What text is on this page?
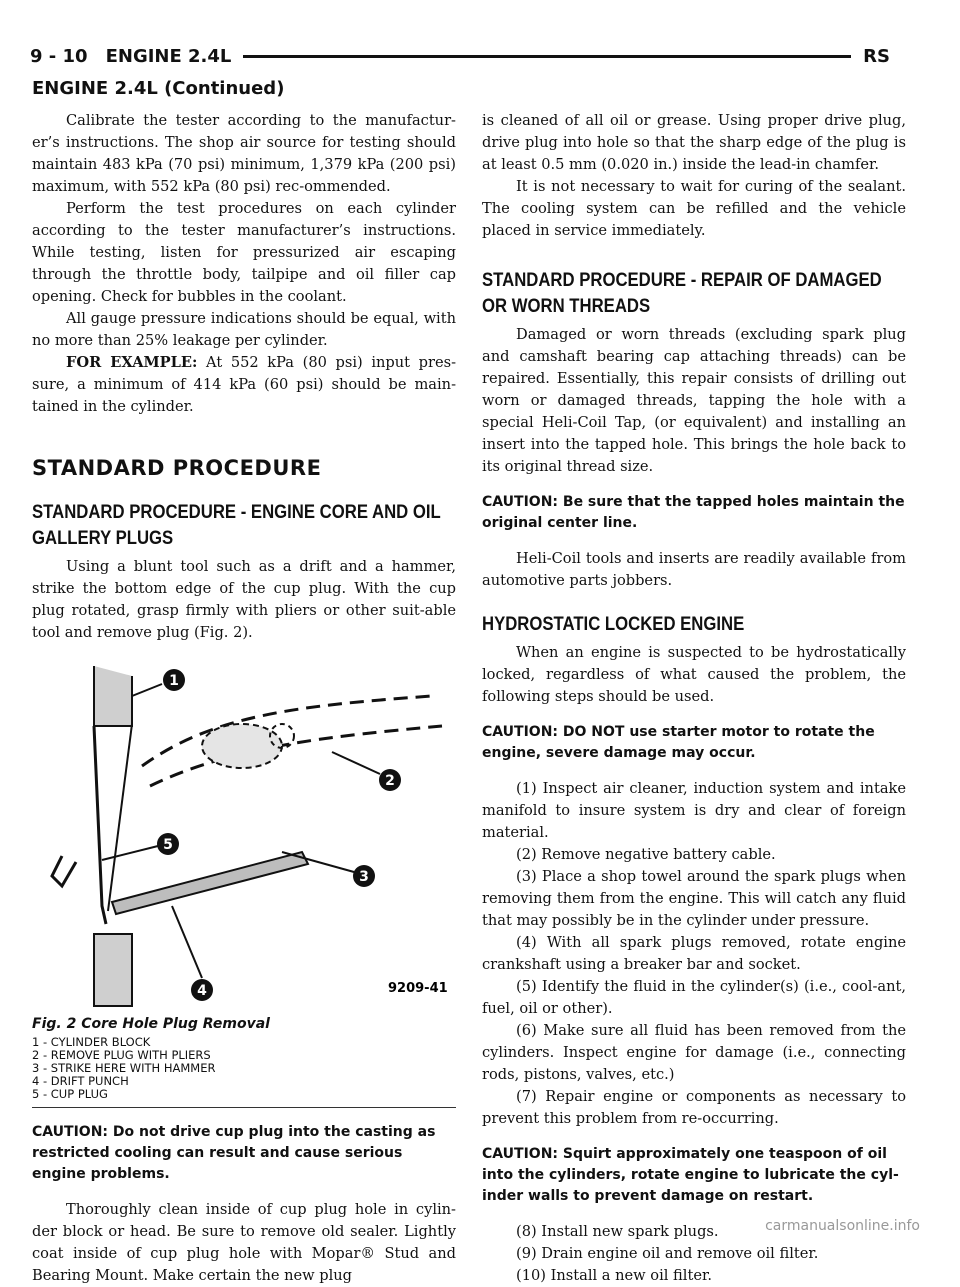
9 - 10 ENGINE 2.4L	RS
ENGINE 2.4L (Continued)

Calibrate the tester according to the manufactur-er’s instructions. The shop air source for testing should maintain 483 kPa (70 psi) minimum, 1,379 kPa (200 psi) maximum, with 552 kPa (80 psi) rec-ommended.

Perform the test procedures on each cylinder according to the tester manufacturer’s instructions. While testing, listen for pressurized air escaping through the throttle body, tailpipe and oil filler cap opening. Check for bubbles in the coolant.

All gauge pressure indications should be equal, with no more than 25% leakage per cylinder.

FOR EXAMPLE: At 552 kPa (80 psi) input pres-sure, a minimum of 414 kPa (60 psi) should be main-tained in the cylinder.

STANDARD PROCEDURE
STANDARD PROCEDURE - ENGINE CORE AND OIL GALLERY PLUGS

Using a blunt tool such as a drift and a hammer, strike the bottom edge of the cup plug. With the cup plug rotated, grasp firmly with pliers or other suit-able tool and remove plug (Fig. 2).

1
2
3
4
5
9209-41
Fig. 2 Core Hole Plug Removal
1 - CYLINDER BLOCK
2 - REMOVE PLUG WITH PLIERS
3 - STRIKE HERE WITH HAMMER
4 - DRIFT PUNCH
5 - CUP PLUG
CAUTION: Do not drive cup plug into the casting as restricted cooling can result and cause serious engine problems.

Thoroughly clean inside of cup plug hole in cylin-der block or head. Be sure to remove old sealer. Lightly coat inside of cup plug hole with Mopar® Stud and Bearing Mount. Make certain the new plug

is cleaned of all oil or grease. Using proper drive plug, drive plug into hole so that the sharp edge of the plug is at least 0.5 mm (0.020 in.) inside the lead-in chamfer.

It is not necessary to wait for curing of the sealant. The cooling system can be refilled and the vehicle placed in service immediately.

STANDARD PROCEDURE - REPAIR OF DAMAGED OR WORN THREADS

Damaged or worn threads (excluding spark plug and camshaft bearing cap attaching threads) can be repaired. Essentially, this repair consists of drilling out worn or damaged threads, tapping the hole with a special Heli-Coil Tap, (or equivalent) and installing an insert into the tapped hole. This brings the hole back to its original thread size.

CAUTION: Be sure that the tapped holes maintain the original center line.

Heli-Coil tools and inserts are readily available from automotive parts jobbers.

HYDROSTATIC LOCKED ENGINE

When an engine is suspected to be hydrostatically locked, regardless of what caused the problem, the following steps should be used.

CAUTION: DO NOT use starter motor to rotate the engine, severe damage may occur.

(1) Inspect air cleaner, induction system and intake manifold to insure system is dry and clear of foreign material.

(2) Remove negative battery cable.

(3) Place a shop towel around the spark plugs when removing them from the engine. This will catch any fluid that may possibly be in the cylinder under pressure.

(4) With all spark plugs removed, rotate engine crankshaft using a breaker bar and socket.

(5) Identify the fluid in the cylinder(s) (i.e., cool-ant, fuel, oil or other).

(6) Make sure all fluid has been removed from the cylinders. Inspect engine for damage (i.e., connecting rods, pistons, valves, etc.)

(7) Repair engine or components as necessary to prevent this problem from re-occurring.

CAUTION: Squirt approximately one teaspoon of oil into the cylinders, rotate engine to lubricate the cyl-inder walls to prevent damage on restart.

(8) Install new spark plugs.

(9) Drain engine oil and remove oil filter.

(10) Install a new oil filter.

carmanualsonline.info
